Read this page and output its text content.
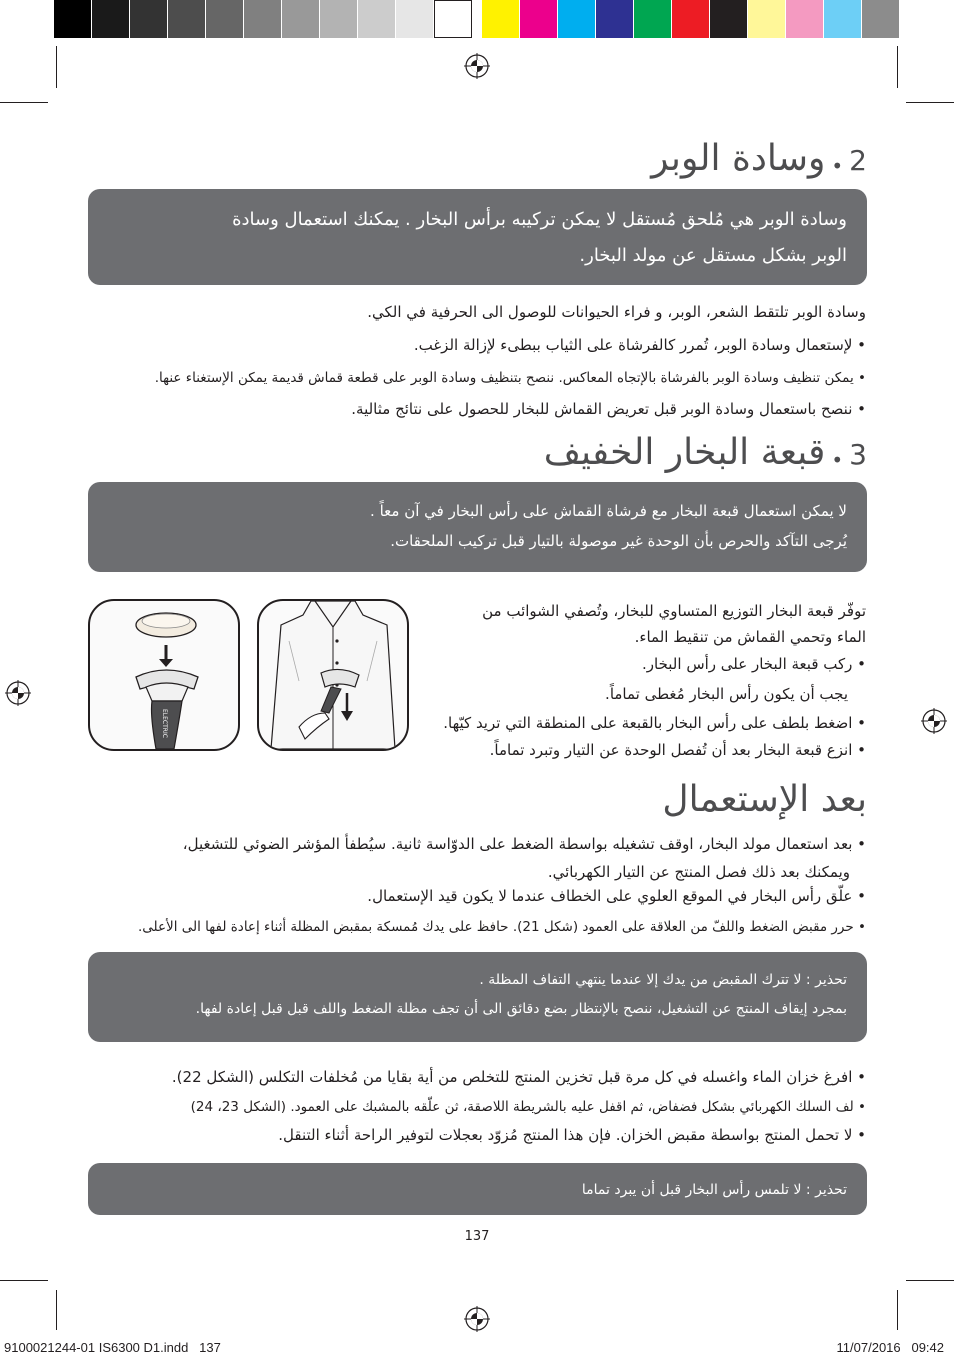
2•وسادة الوبر
وسادة الوبر هي مُلحق مُستقل لا يمكن تركيبه برأس البخار . يمكنك استعمال وسادة
الوبر بشكل مستقل عن مولد البخار.
وسادة الوبر تلتقط الشعر، الوبر، و فراء الحيوانات للوصول الى الحرفية في الكي.
• لإستعمال وسادة الوبر، تُمرر كالفرشاة على الثياب ببطىء لإزالة الزغب.
• يمكن تنظيف وسادة الوبر بالفرشاة بالإتجاه المعاكس. ننصح بتنظيف وسادة الوبر على قطعة قماش قديمة يمكن الإستغناء عنها.
• ننصح باستعمال وسادة الوبر قبل تعريض القماش للبخار للحصول على نتائج مثالية.
3•قبعة البخار الخفيف
لا يمكن استعمال قبعة البخار مع فرشاة القماش على رأس البخار في آن معاً .
يُرجى التآكد والحرص بأن الوحدة غير موصولة بالتيار قبل تركيب الملحقات.
ELECTRIC
توفّر قبعة البخار التوزيع المتساوي للبخار، وتُصفي الشوائب من
الماء وتحمي القماش من تنقيط الماء.
• ركب قبعة البخار على رأس البخار.
يجب أن يكون رأس البخار مُغطى تماماً.
• اضغط بلطف على رأس البخار بالقبعة على المنطقة التي تريد كيّها.
• انزع قبعة البخار بعد أن تُفصل الوحدة عن التيار وتبرد تماماً.
بعد الإستعمال
• بعد استعمال مولد البخار، اوقف تشغيله بواسطة الضغط على الدوّاسة ثانية. سيُطفأ المؤشر الضوئي للتشغيل،
ويمكنك بعد ذلك فصل المنتج عن التيار الكهربائي.
• علّق رأس البخار في الموقع العلوي على الخطاف عندما لا يكون قيد الإستعمال.
• حرر مقبض الضغط واللفّ من العلاقة على العمود (شكل 21). حافظ على يدك مُمسكة بمقبض المظلة أثناء إعادة لفها الى الأعلى.
تحذير : لا تترك المقبض من يدك إلا عندما ينتهي التفاف المظلة .
بمجرد إيقاف المنتج عن التشغيل، ننصح بالإنتظار بضع دقائق الى أن تجف مظلة الضغط واللف قبل قبل إعادة لفها.
• افرغ خزان الماء واغسله في كل مرة قبل تخزين المنتج للتخلص من أية بقايا من مُخلفات التكلس (الشكل 22).
• لف السلك الكهربائي بشكل فضفاض، ثم اقفل عليه بالشريطة اللاصقة، ثن علّقه بالمشبك على العمود. (الشكل 23، 24)
• لا تحمل المنتج بواسطة مقبض الخزان. فإن هذا المنتج مُزوّد بعجلات لتوفير الراحة أثناء التنقل.
تحذير : لا تلمس رأس البخار قبل أن يبرد تماما
137
9100021244-01 IS6300 D1.indd   137	11/07/2016   09:42
